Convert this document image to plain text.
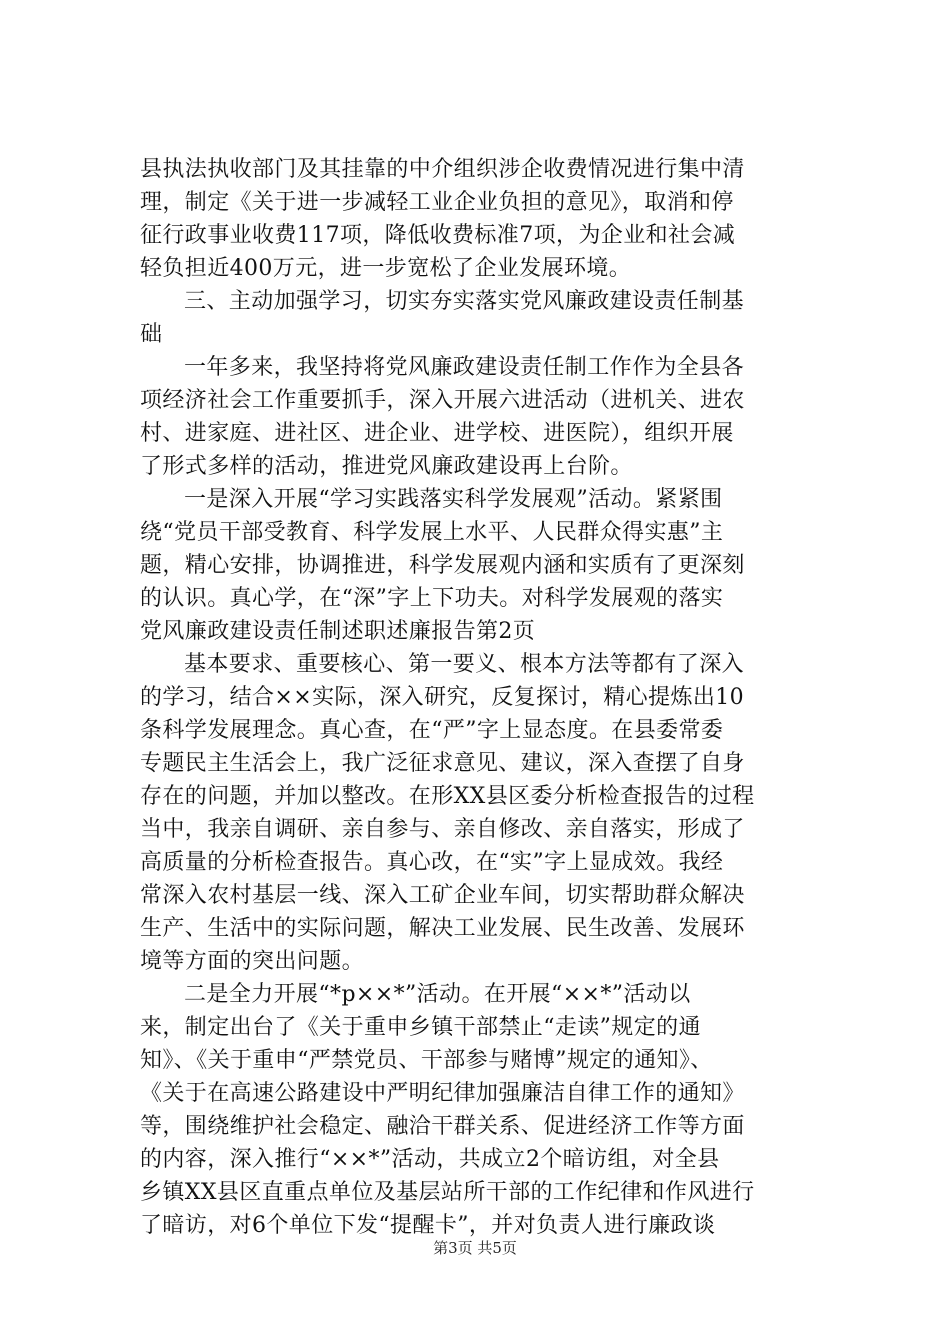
县执法执收部门及其挂靠的中介组织涉企收费情况进行集中清
理，制定《关于进一步减轻工业企业负担的意见》，取消和停
征行政事业收费117项，降低收费标准7项，为企业和社会减
轻负担近400万元，进一步宽松了企业发展环境。
三、主动加强学习，切实夯实落实党风廉政建设责任制基
础
一年多来，我坚持将党风廉政建设责任制工作作为全县各
项经济社会工作重要抓手，深入开展六进活动（进机关、进农
村、进家庭、进社区、进企业、进学校、进医院），组织开展
了形式多样的活动，推进党风廉政建设再上台阶。
一是深入开展“学习实践落实科学发展观”活动。紧紧围
绕“党员干部受教育、科学发展上水平、人民群众得实惠”主
题，精心安排，协调推进，科学发展观内涵和实质有了更深刻
的认识。真心学，在“深”字上下功夫。对科学发展观的落实
党风廉政建设责任制述职述廉报告第2页
基本要求、重要核心、第一要义、根本方法等都有了深入
的学习，结合××实际，深入研究，反复探讨，精心提炼出10
条科学发展理念。真心查，在“严”字上显态度。在县委常委
专题民主生活会上，我广泛征求意见、建议，深入查摆了自身
存在的问题，并加以整改。在形XX县区委分析检查报告的过程
当中，我亲自调研、亲自参与、亲自修改、亲自落实，形成了
高质量的分析检查报告。真心改，在“实”字上显成效。我经
常深入农村基层一线、深入工矿企业车间，切实帮助群众解决
生产、生活中的实际问题，解决工业发展、民生改善、发展环
境等方面的突出问题。
二是全力开展“*p××*”活动。在开展“××*”活动以
来，制定出台了《关于重申乡镇干部禁止“走读”规定的通
知》、《关于重申“严禁党员、干部参与赌博”规定的通知》、
《关于在高速公路建设中严明纪律加强廉洁自律工作的通知》
等，围绕维护社会稳定、融洽干群关系、促进经济工作等方面
的内容，深入推行“××*”活动，共成立2个暗访组，对全县
乡镇XX县区直重点单位及基层站所干部的工作纪律和作风进行
了暗访，对6个单位下发“提醒卡”，并对负责人进行廉政谈
第3页 共5页
